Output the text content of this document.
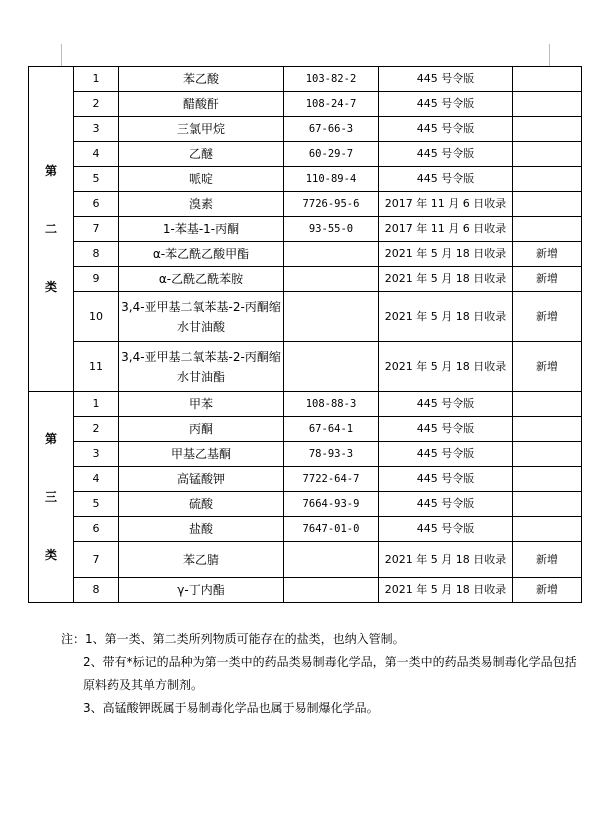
第
二
类	1	苯乙酸	103-82-2	445 号令版	
	2	醋酸酐	108-24-7	445 号令版	
	3	三氯甲烷	67-66-3	445 号令版	
	4	乙醚	60-29-7	445 号令版	
	5	哌啶	110-89-4	445 号令版	
	6	溴素	7726-95-6	2017 年 11 月 6 日收录	
	7	1-苯基-1-丙酮	93-55-0	2017 年 11 月 6 日收录	
	8	α-苯乙酰乙酸甲酯		2021 年 5 月 18 日收录	新增
	9	α-乙酰乙酰苯胺		2021 年 5 月 18 日收录	新增
	10	3,4-亚甲基二氧苯基-2-丙酮缩水甘油酸		2021 年 5 月 18 日收录	新增
	11	3,4-亚甲基二氧苯基-2-丙酮缩水甘油酯		2021 年 5 月 18 日收录	新增

第
三
类	1	甲苯	108-88-3	445 号令版	
	2	丙酮	67-64-1	445 号令版	
	3	甲基乙基酮	78-93-3	445 号令版	
	4	高锰酸钾	7722-64-7	445 号令版	
	5	硫酸	7664-93-9	445 号令版	
	6	盐酸	7647-01-0	445 号令版	
	7	苯乙腈		2021 年 5 月 18 日收录	新增
	8	γ-丁内酯		2021 年 5 月 18 日收录	新增

注：1、第一类、第二类所列物质可能存在的盐类，也纳入管制。

2、带有*标记的品种为第一类中的药品类易制毒化学品，第一类中的药品类易制毒化学品包括原料药及其单方制剂。

3、高锰酸钾既属于易制毒化学品也属于易制爆化学品。
